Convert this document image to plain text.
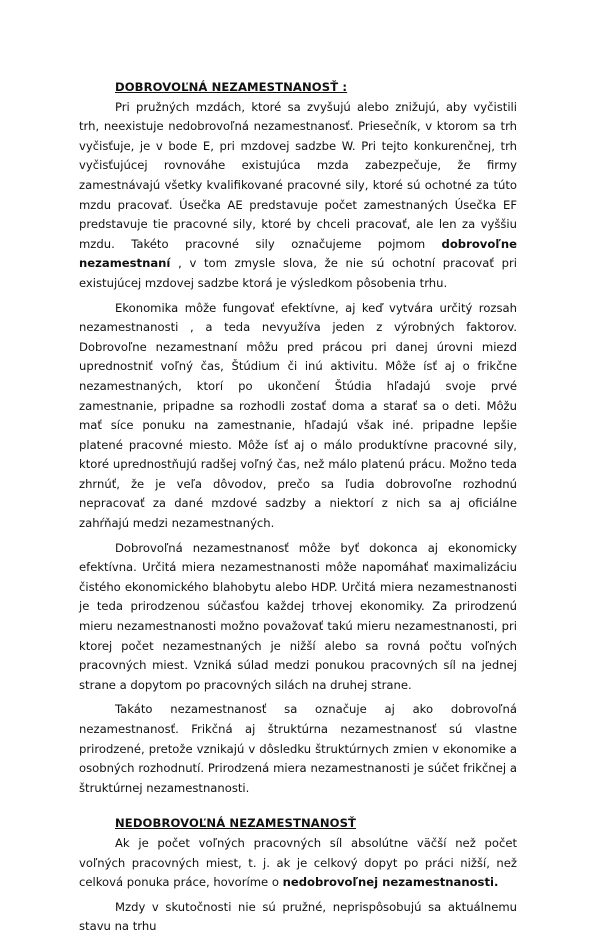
DOBROVOĽNÁ NEZAMESTNANOSŤ :

Pri pružných mzdách, ktoré sa zvyšujú alebo znižujú, aby vyčistili trh, neexistuje nedobrovoľná nezamestnanosť. Priesečník, v ktorom sa trh vyčisťuje, je v bode E, pri mzdovej sadzbe W. Pri tejto konkurenčnej, trh vyčisťujúcej rovnováhe existujúca mzda zabezpečuje, že firmy zamestnávajú všetky kvalifikované pracovné sily, ktoré sú ochotné za túto mzdu pracovať. Úsečka AE predstavuje počet zamestnaných Úsečka EF predstavuje tie pracovné sily, ktoré by chceli pracovať, ale len za vyššiu mzdu. Takéto pracovné sily označujeme pojmom dobrovoľne nezamestnaní , v tom zmysle slova, že nie sú ochotní pracovať pri existujúcej mzdovej sadzbe ktorá je výsledkom pôsobenia trhu.

Ekonomika môže fungovať efektívne, aj keď vytvára určitý rozsah nezamestnanosti , a teda nevyužíva jeden z výrobných faktorov. Dobrovoľne nezamestnaní môžu pred prácou pri danej úrovni miezd uprednostniť voľný čas, Štúdium či inú aktivitu. Môže ísť aj o frikčne nezamestnaných, ktorí po ukončení Štúdia hľadajú svoje prvé zamestnanie, pripadne sa rozhodli zostať doma a starať sa o deti. Môžu mať síce ponuku na zamestnanie, hľadajú však iné. pripadne lepšie platené pracovné miesto. Môže ísť aj o málo produktívne pracovné sily, ktoré uprednostňujú radšej voľný čas, než málo platenú prácu. Možno teda zhrnúť, že je veľa dôvodov, prečo sa ľudia dobrovoľne rozhodnú nepracovať za dané mzdové sadzby a niektorí z nich sa aj oficiálne zahŕňajú medzi nezamestnaných.

Dobrovoľná nezamestnanosť môže byť dokonca aj ekonomicky efektívna. Určitá miera nezamestnanosti môže napomáhať maximalizáciu čistého ekonomického blahobytu alebo HDP. Určitá miera nezamestnanosti je teda prirodzenou súčasťou každej trhovej ekonomiky. Za prirodzenú mieru nezamestnanosti možno považovať takú mieru nezamestnanosti, pri ktorej počet nezamestnaných je nižší alebo sa rovná počtu voľných pracovných miest. Vzniká súlad medzi ponukou pracovných síl na jednej strane a dopytom po pracovných silách na druhej strane.

Takáto nezamestnanosť sa označuje aj ako dobrovoľná nezamestnanosť. Frikčná aj štruktúrna nezamestnanosť sú vlastne prirodzené, pretože vznikajú v dôsledku štruktúrnych zmien v ekonomike a osobných rozhodnutí. Prirodzená miera nezamestnanosti je súčet frikčnej a štruktúrnej nezamestnanosti.

NEDOBROVOĽNÁ NEZAMESTNANOSŤ

Ak je počet voľných pracovných síl absolútne väčší než počet voľných pracovných miest, t. j. ak je celkový dopyt po práci nižší, než celková ponuka práce, hovoríme o nedobrovoľnej nezamestnanosti.

Mzdy v skutočnosti nie sú pružné, neprispôsobujú sa aktuálnemu stavu na trhu
